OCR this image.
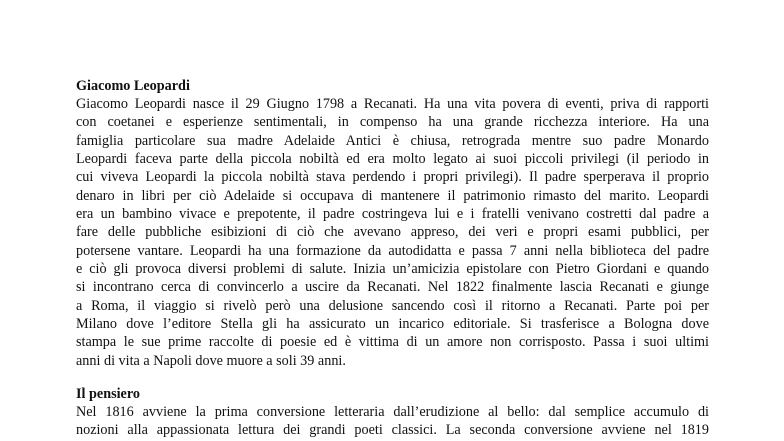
Giacomo Leopardi
Giacomo Leopardi nasce il 29 Giugno 1798 a Recanati. Ha una vita povera di eventi, priva di rapporti
con coetanei e esperienze sentimentali, in compenso ha una grande ricchezza interiore. Ha una
famiglia particolare sua madre Adelaide Antici è chiusa, retrograda mentre suo padre Monardo
Leopardi faceva parte della piccola nobiltà ed era molto legato ai suoi piccoli privilegi (il periodo in
cui viveva Leopardi la piccola nobiltà stava perdendo i propri privilegi). Il padre sperperava il proprio
denaro in libri per ciò Adelaide si occupava di mantenere il patrimonio rimasto del marito. Leopardi
era un bambino vivace e prepotente, il padre costringeva lui e i fratelli venivano costretti dal padre a
fare delle pubbliche esibizioni di ciò che avevano appreso, dei veri e propri esami pubblici, per
potersene vantare. Leopardi ha una formazione da autodidatta e passa 7 anni nella biblioteca del padre
e ciò gli provoca diversi problemi di salute. Inizia un’amicizia epistolare con Pietro Giordani e quando
si incontrano cerca di convincerlo a uscire da Recanati. Nel 1822 finalmente lascia Recanati e giunge
a Roma, il viaggio si rivelò però una delusione sancendo così il ritorno a Recanati. Parte poi per
Milano dove l’editore Stella gli ha assicurato un incarico editoriale. Si trasferisce a Bologna dove
stampa le sue prime raccolte di poesie ed è vittima di un amore non corrisposto. Passa i suoi ultimi
anni di vita a Napoli dove muore a soli 39 anni.
Il pensiero
Nel 1816 avviene la prima conversione letteraria dall’erudizione al bello: dal semplice accumulo di
nozioni alla appassionata lettura dei grandi poeti classici. La seconda conversione avviene nel 1819
